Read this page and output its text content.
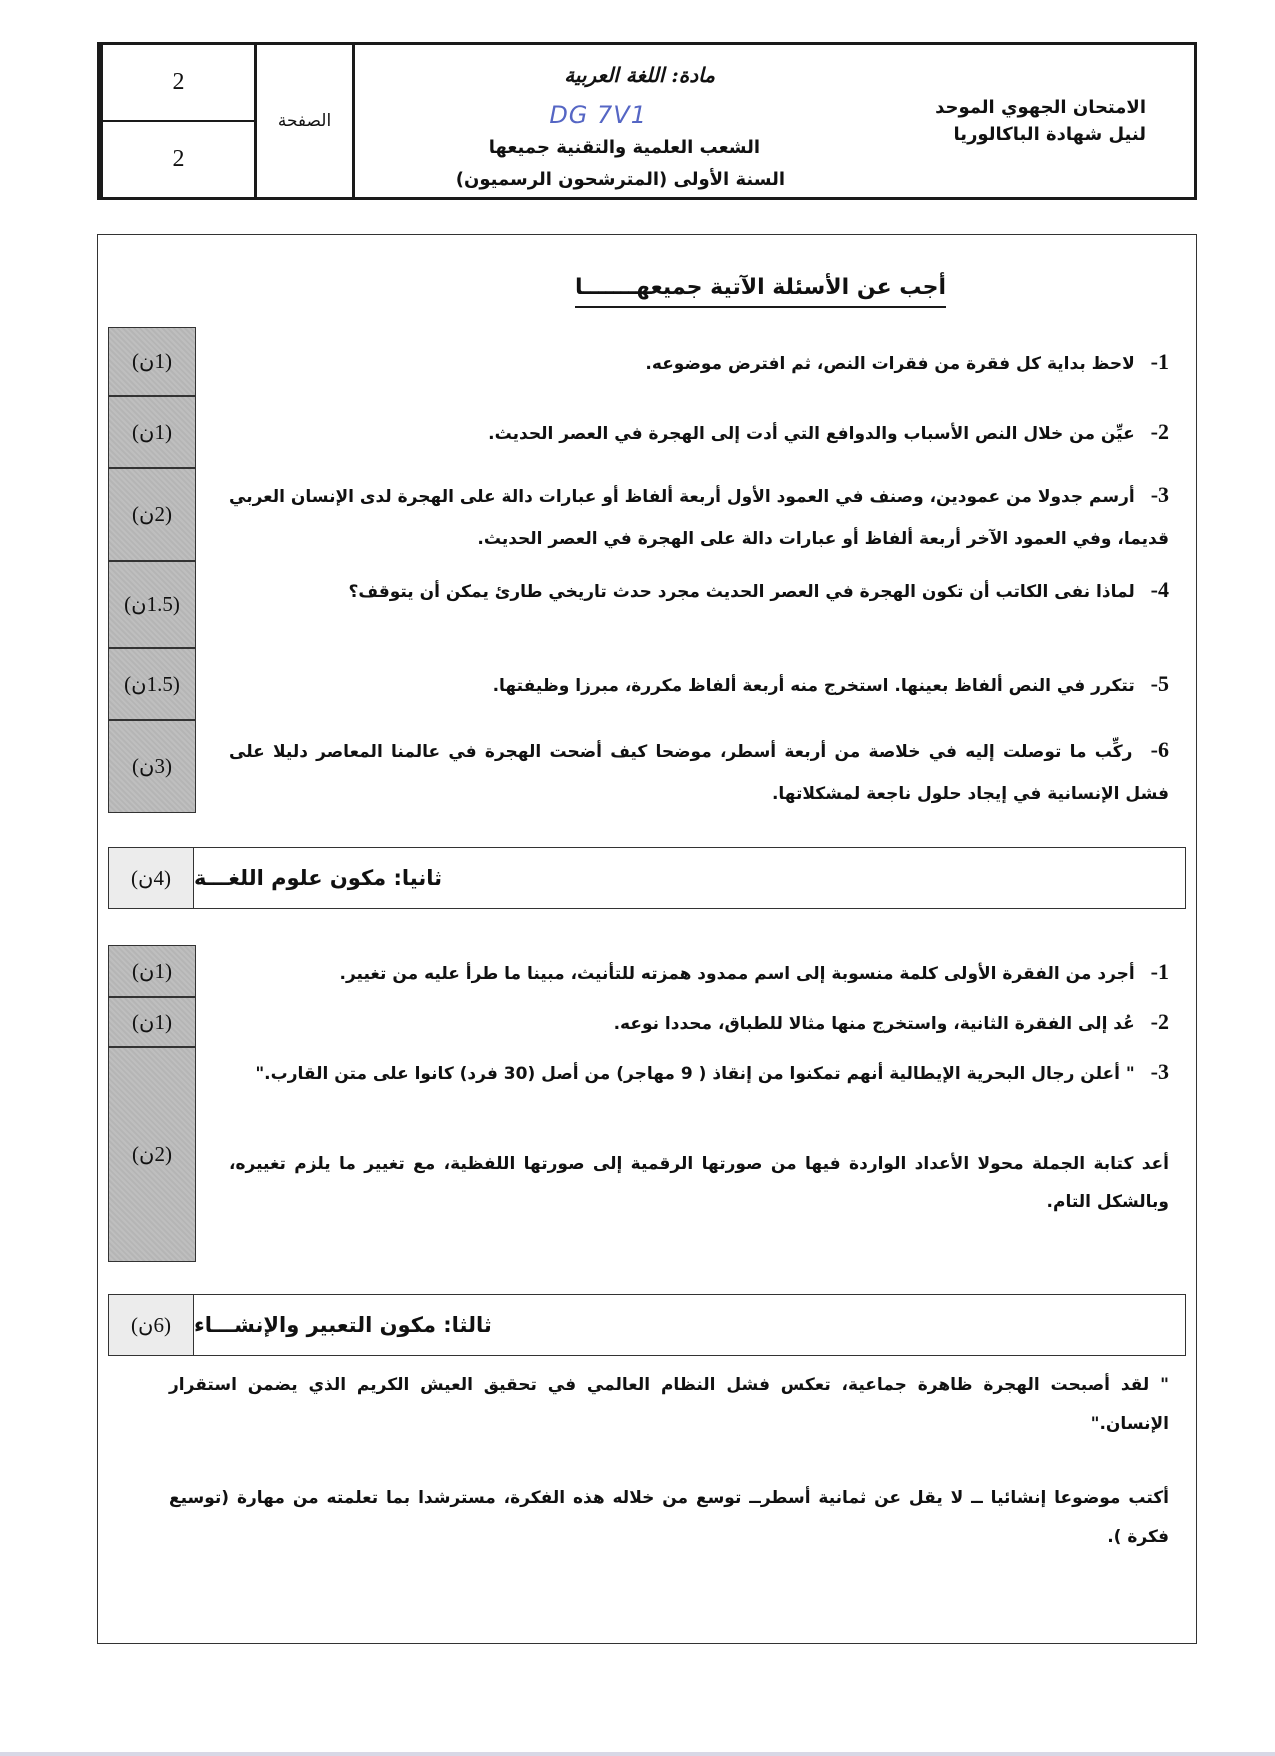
2
2
الصفحة
مادة: اللغة العربية
DG 7V1
الشعب العلمية والتقنية جميعها
السنة الأولى (المترشحون الرسميون)
الامتحان الجهوي الموحد
لنيل شهادة الباكالوريا
أجب عن الأسئلة الآتية جميعهـــــــا
(1ن)
(1ن)
(2ن)
(1.5ن)
(1.5ن)
(3ن)
1- لاحظ بداية كل فقرة من فقرات النص، ثم افترض موضوعه.
2- عيِّن من خلال النص الأسباب والدوافع التي أدت إلى الهجرة في العصر الحديث.
3- أرسم جدولا من عمودين، وصنف في العمود الأول أربعة ألفاظ أو عبارات دالة على الهجرة لدى الإنسان العربي قديما، وفي العمود الآخر أربعة ألفاظ أو عبارات دالة على الهجرة في العصر الحديث.
4- لماذا نفى الكاتب أن تكون الهجرة في العصر الحديث مجرد حدث تاريخي طارئ يمكن أن يتوقف؟
5- تتكرر في النص ألفاظ بعينها. استخرج منه أربعة ألفاظ مكررة، مبرزا وظيفتها.
6- ركِّب ما توصلت إليه في خلاصة من أربعة أسطر، موضحا كيف أضحت الهجرة في عالمنا المعاصر دليلا على فشل الإنسانية في إيجاد حلول ناجعة لمشكلاتها.
(4ن)	ثانيا: مكون علوم اللغـــة
(1ن)
(1ن)
(2ن)
1- أجرد من الفقرة الأولى كلمة منسوبة إلى اسم ممدود همزته للتأنيث، مبينا ما طرأ عليه من تغيير.
2- عُد إلى الفقرة الثانية، واستخرج منها مثالا للطباق، محددا نوعه.
3- " أعلن رجال البحرية الإيطالية أنهم تمكنوا من إنقاذ ( 9 مهاجر) من أصل (30 فرد) كانوا على متن القارب."
أعد كتابة الجملة محولا الأعداد الواردة فيها من صورتها الرقمية إلى صورتها اللفظية، مع تغيير ما يلزم تغييره، وبالشكل التام.
(6ن)	ثالثا: مكون التعبير والإنشـــاء
" لقد أصبحت الهجرة ظاهرة جماعية، تعكس فشل النظام العالمي في تحقيق العيش الكريم الذي يضمن استقرار الإنسان."
أكتب موضوعا إنشائيا ــ لا يقل عن ثمانية أسطرــ توسع من خلاله هذه الفكرة، مسترشدا بما تعلمته من مهارة (توسيع فكرة ).
